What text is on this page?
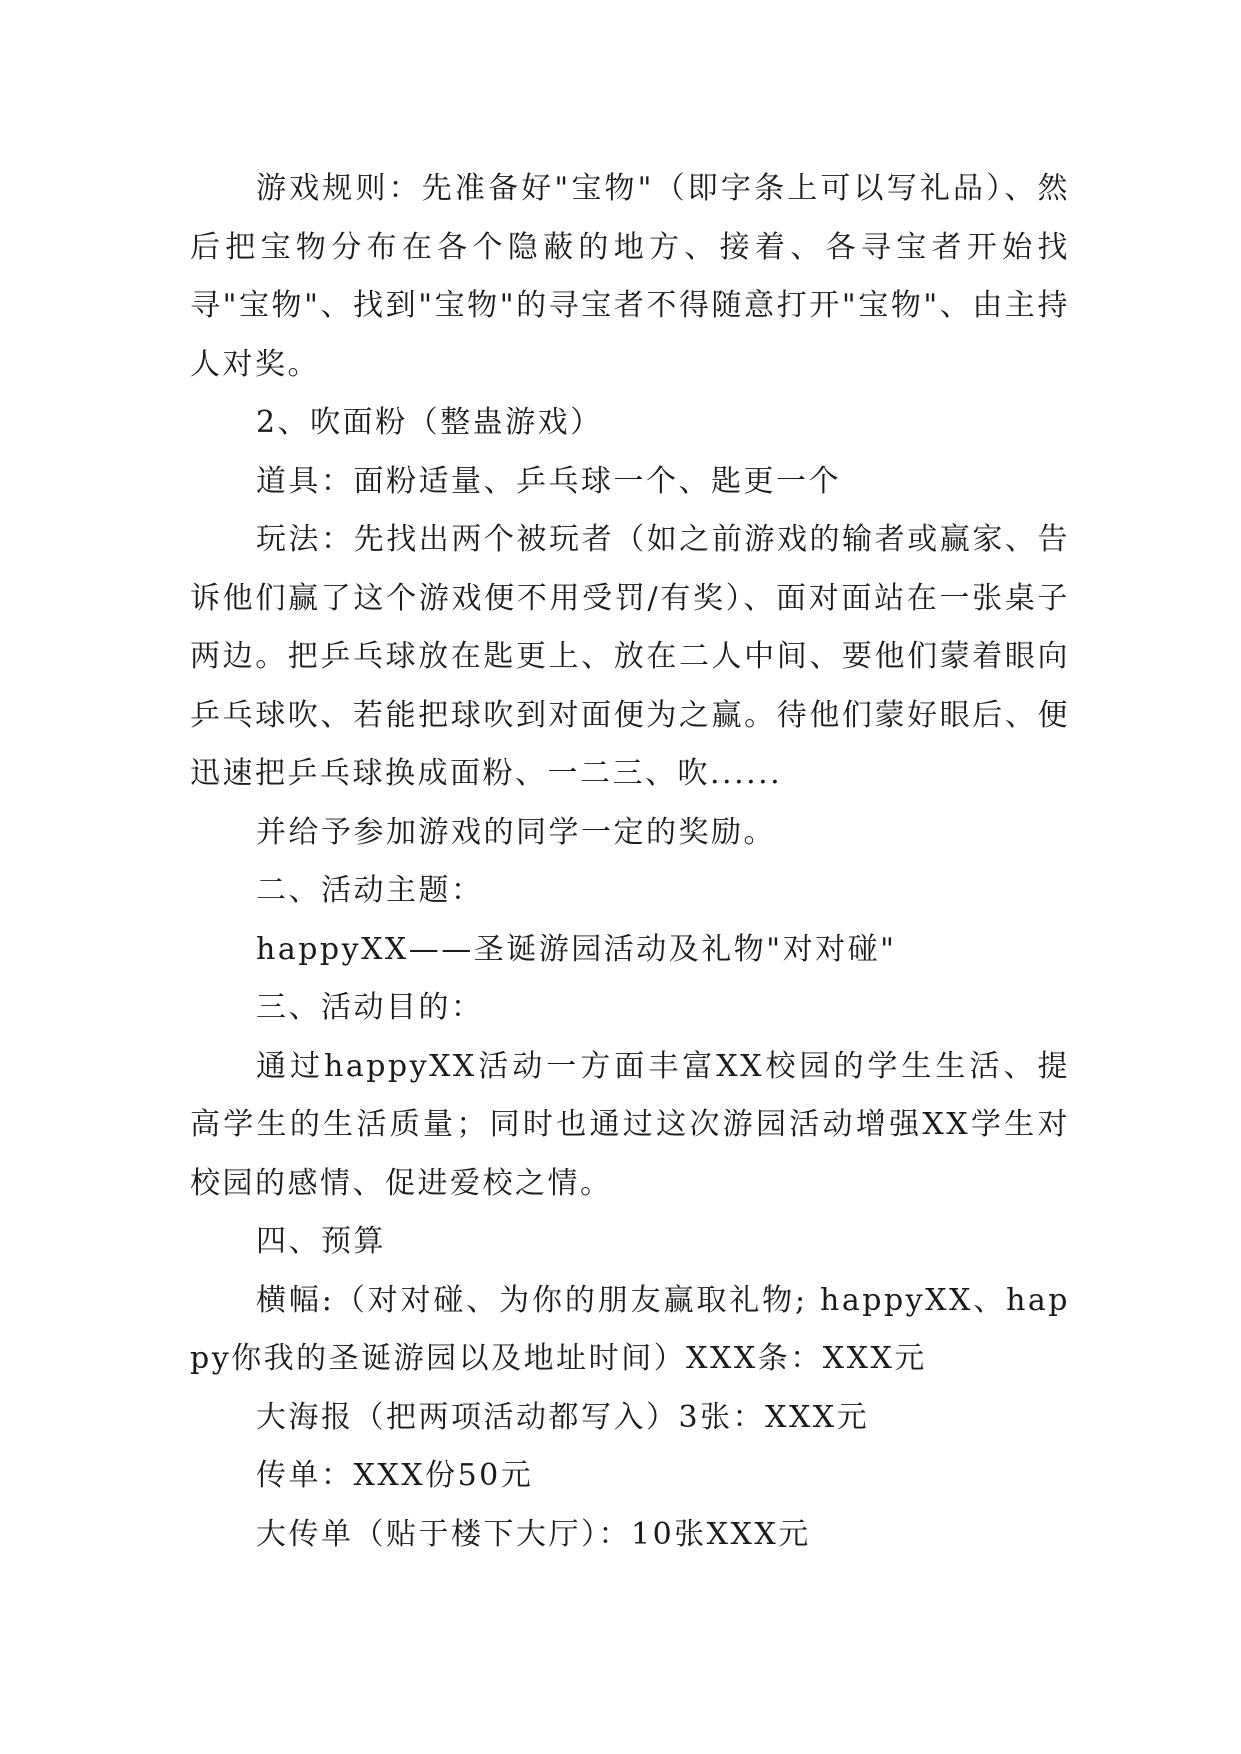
游戏规则：先准备好"宝物"（即字条上可以写礼品）、然后把宝物分布在各个隐蔽的地方、接着、各寻宝者开始找寻"宝物"、找到"宝物"的寻宝者不得随意打开"宝物"、由主持人对奖。

2、吹面粉（整蛊游戏）

道具：面粉适量、乒乓球一个、匙更一个

玩法：先找出两个被玩者（如之前游戏的输者或赢家、告诉他们赢了这个游戏便不用受罚/有奖）、面对面站在一张桌子两边。把乒乓球放在匙更上、放在二人中间、要他们蒙着眼向乒乓球吹、若能把球吹到对面便为之赢。待他们蒙好眼后、便迅速把乒乓球换成面粉、一二三、吹......

并给予参加游戏的同学一定的奖励。

二、活动主题：

happyXX——圣诞游园活动及礼物"对对碰"

三、活动目的：

通过happyXX活动一方面丰富XX校园的学生生活、提高学生的生活质量；同时也通过这次游园活动增强XX学生对校园的感情、促进爱校之情。

四、预算

横幅:（对对碰、为你的朋友赢取礼物; happyXX、happy你我的圣诞游园以及地址时间）XXX条：XXX元

大海报（把两项活动都写入）3张：XXX元

传单：XXX份50元

大传单（贴于楼下大厅）：10张XXX元
